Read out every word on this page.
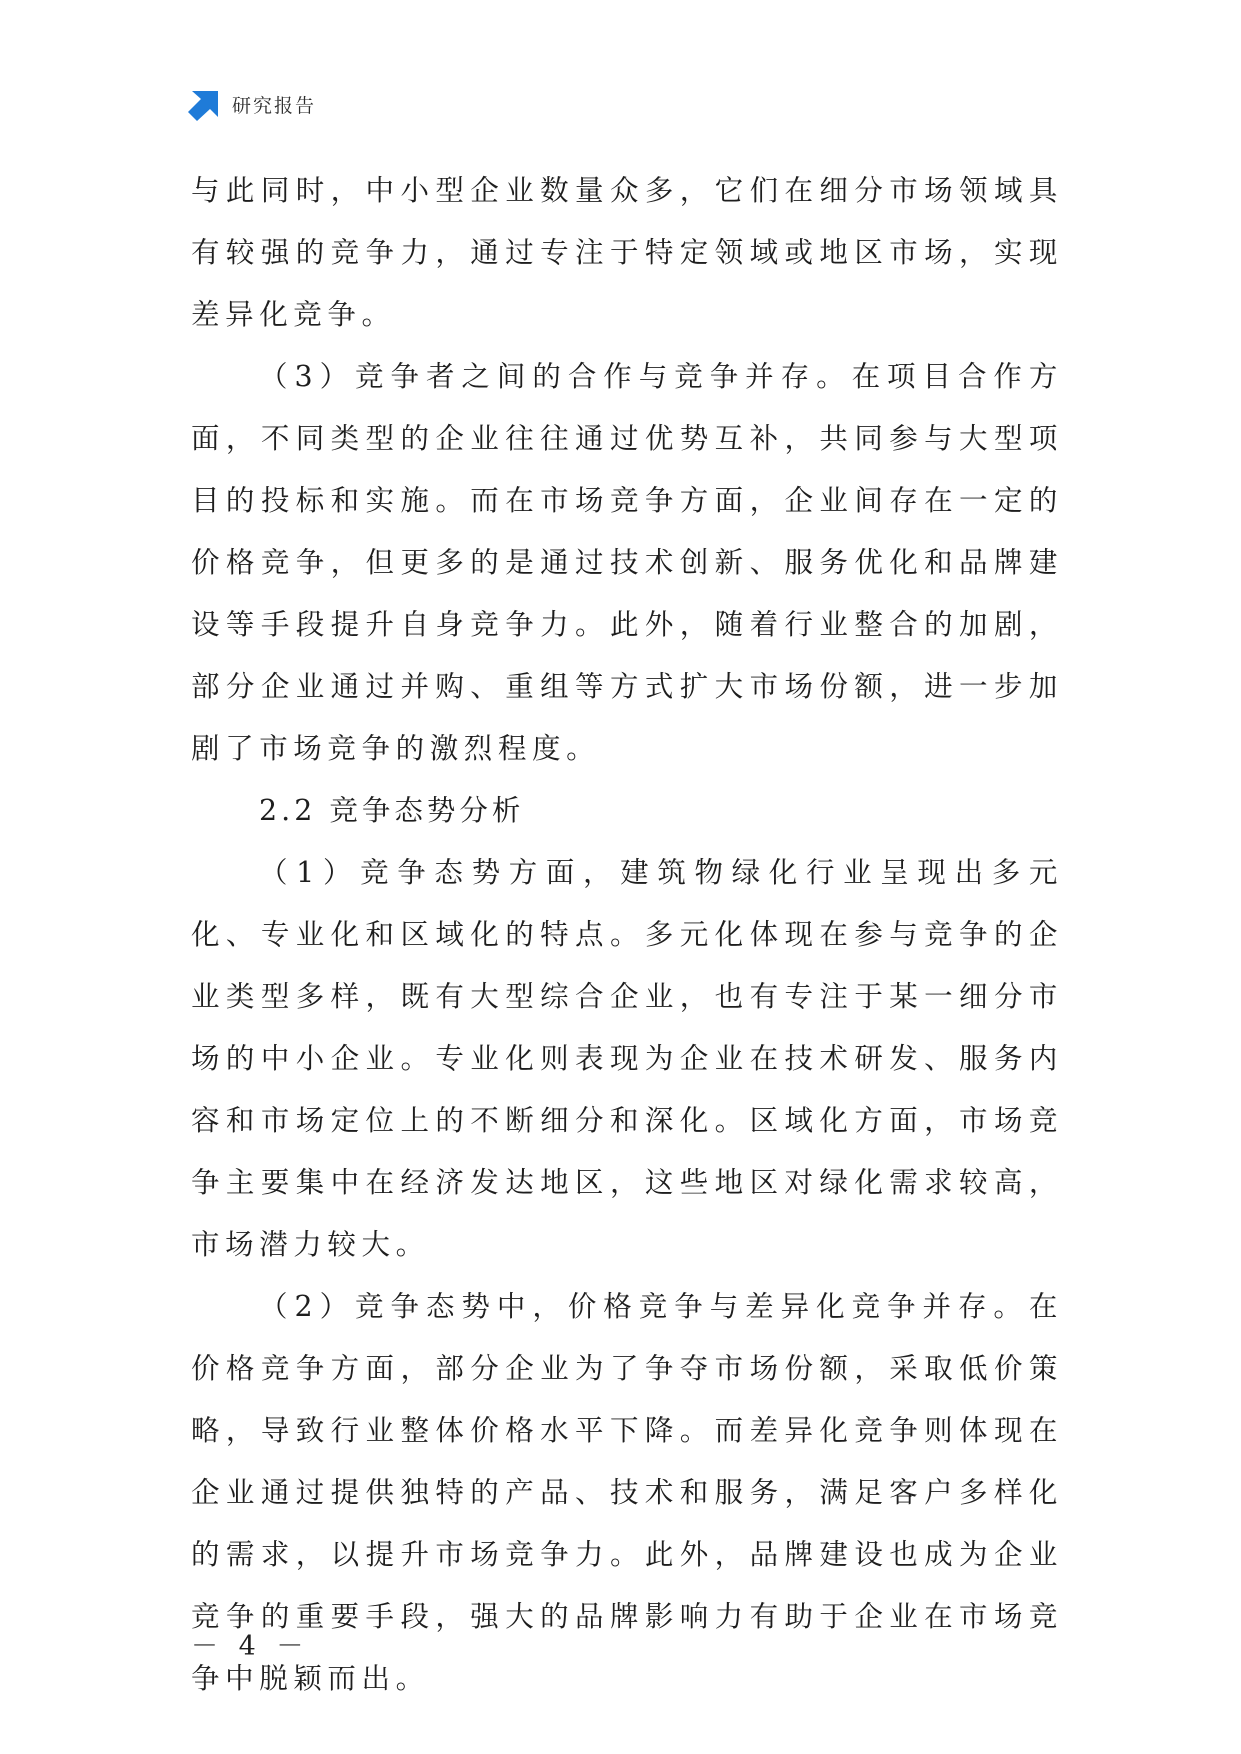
研究报告

与此同时，中小型企业数量众多，它们在细分市场领域具有较强的竞争力，通过专注于特定领域或地区市场，实现差异化竞争。

（3）竞争者之间的合作与竞争并存。在项目合作方面，不同类型的企业往往通过优势互补，共同参与大型项目的投标和实施。而在市场竞争方面，企业间存在一定的价格竞争，但更多的是通过技术创新、服务优化和品牌建设等手段提升自身竞争力。此外，随着行业整合的加剧，部分企业通过并购、重组等方式扩大市场份额，进一步加剧了市场竞争的激烈程度。

2.2 竞争态势分析

（1）竞争态势方面，建筑物绿化行业呈现出多元化、专业化和区域化的特点。多元化体现在参与竞争的企业类型多样，既有大型综合企业，也有专注于某一细分市场的中小企业。专业化则表现为企业在技术研发、服务内容和市场定位上的不断细分和深化。区域化方面，市场竞争主要集中在经济发达地区，这些地区对绿化需求较高，市场潜力较大。

（2）竞争态势中，价格竞争与差异化竞争并存。在价格竞争方面，部分企业为了争夺市场份额，采取低价策略，导致行业整体价格水平下降。而差异化竞争则体现在企业通过提供独特的产品、技术和服务，满足客户多样化的需求，以提升市场竞争力。此外，品牌建设也成为企业竞争的重要手段，强大的品牌影响力有助于企业在市场竞争中脱颖而出。

－ 4 －
